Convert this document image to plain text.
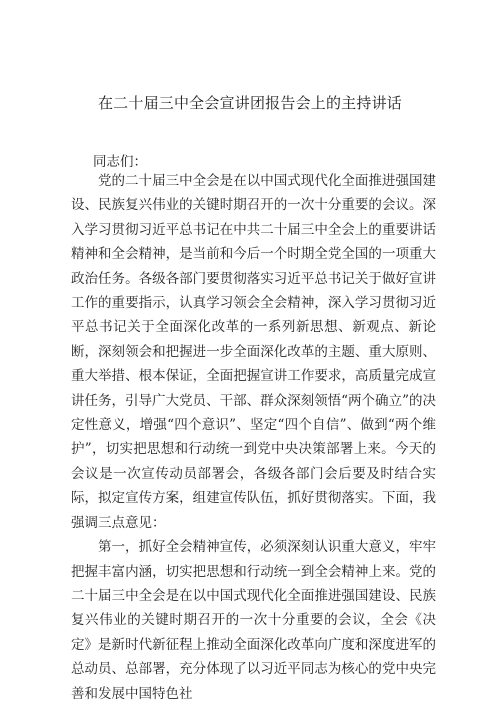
在二十届三中全会宣讲团报告会上的主持讲话

同志们：

党的二十届三中全会是在以中国式现代化全面推进强国建设、民族复兴伟业的关键时期召开的一次十分重要的会议。深入学习贯彻习近平总书记在中共二十届三中全会上的重要讲话精神和全会精神，是当前和今后一个时期全党全国的一项重大政治任务。各级各部门要贯彻落实习近平总书记关于做好宣讲工作的重要指示，认真学习领会全会精神，深入学习贯彻习近平总书记关于全面深化改革的一系列新思想、新观点、新论断，深刻领会和把握进一步全面深化改革的主题、重大原则、重大举措、根本保证，全面把握宣讲工作要求，高质量完成宣讲任务，引导广大党员、干部、群众深刻领悟“两个确立”的决定性意义，增强“四个意识”、坚定“四个自信”、做到“两个维护”，切实把思想和行动统一到党中央决策部署上来。今天的会议是一次宣传动员部署会，各级各部门会后要及时结合实际，拟定宣传方案，组建宣传队伍，抓好贯彻落实。下面，我强调三点意见：

第一，抓好全会精神宣传，必须深刻认识重大意义，牢牢把握丰富内涵，切实把思想和行动统一到全会精神上来。党的二十届三中全会是在以中国式现代化全面推进强国建设、民族复兴伟业的关键时期召开的一次十分重要的会议，全会《决定》是新时代新征程上推动全面深化改革向广度和深度进军的总动员、总部署，充分体现了以习近平同志为核心的党中央完善和发展中国特色社
